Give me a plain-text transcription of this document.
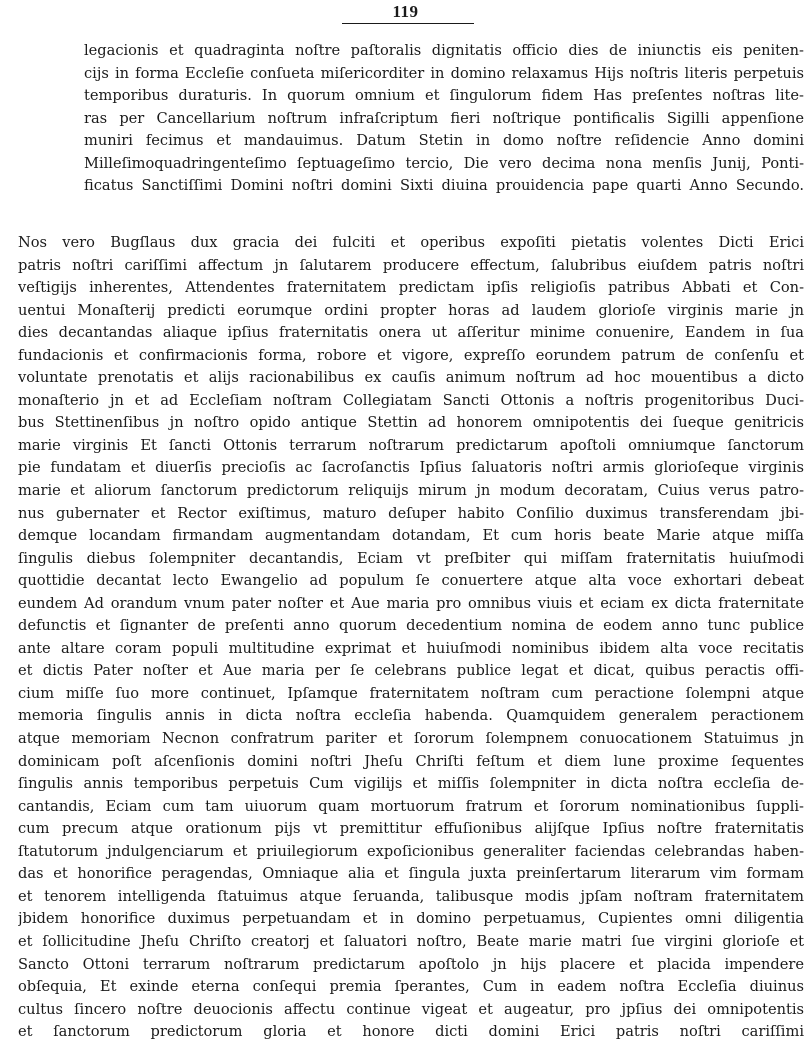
119
legacionis et quadraginta noſtre paſtoralis dignitatis officio dies de iniunctis eis peniten-
cijs in forma Eccleſie conſueta miſericorditer in domino relaxamus Hijs noſtris literis perpetuis
temporibus duraturis. In quorum omnium et ſingulorum fidem Has preſentes noſtras lite-
ras per Cancellarium noſtrum infraſcriptum fieri noſtrique pontificalis Sigilli appenſione
muniri fecimus et mandauimus. Datum Stetin in domo noſtre reſidencie Anno domini
Milleſimoquadringenteſimo ſeptuageſimo tercio, Die vero decima nona menſis Junij, Ponti-
ficatus Sanctiſſimi Domini noſtri domini Sixti diuina prouidencia pape quarti Anno Secundo.
Nos vero Bugſlaus dux gracia dei fulciti et operibus expoſiti pietatis volentes Dicti Erici
patris noſtri cariſſimi affectum jn ſalutarem producere effectum, ſalubribus eiuſdem patris noſtri
veſtigijs inherentes, Attendentes fraternitatem predictam ipſis religioſis patribus Abbati et Con-
uentui Monaſterij predicti eorumque ordini propter horas ad laudem glorioſe virginis marie jn
dies decantandas aliaque ipſius fraternitatis onera ut aſſeritur minime conuenire, Eandem in ſua
fundacionis et confirmacionis forma, robore et vigore, expreſſo eorundem patrum de conſenſu et
voluntate prenotatis et alijs racionabilibus ex cauſis animum noſtrum ad hoc mouentibus a dicto
monaſterio jn et ad Eccleſiam noſtram Collegiatam Sancti Ottonis a noſtris progenitoribus Duci-
bus Stettinenſibus jn noſtro opido antique Stettin ad honorem omnipotentis dei ſueque genitricis
marie virginis Et ſancti Ottonis terrarum noſtrarum predictarum apoſtoli omniumque ſanctorum
pie fundatam et diuerſis precioſis ac ſacroſanctis Ipſius ſaluatoris noſtri armis glorioſeque virginis
marie et aliorum ſanctorum predictorum reliquijs mirum jn modum decoratam, Cuius verus patro-
nus gubernater et Rector exiſtimus, maturo deſuper habito Conſilio duximus transferendam jbi-
demque locandam firmandam augmentandam dotandam, Et cum horis beate Marie atque miſſa
ſingulis diebus ſolempniter decantandis, Eciam vt preſbiter qui miſſam fraternitatis huiuſmodi
quottidie decantat lecto Ewangelio ad populum ſe conuertere atque alta voce exhortari debeat
eundem Ad orandum vnum pater noſter et Aue maria pro omnibus viuis et eciam ex dicta fraternitate
defunctis et ſignanter de preſenti anno quorum decedentium nomina de eodem anno tunc publice
ante altare coram populi multitudine exprimat et huiuſmodi nominibus ibidem alta voce recitatis
et dictis Pater noſter et Aue maria per ſe celebrans publice legat et dicat, quibus peractis offi-
cium miſſe ſuo more continuet, Ipſamque fraternitatem noſtram cum peractione ſolempni atque
memoria ſingulis annis in dicta noſtra eccleſia habenda. Quamquidem generalem peractionem
atque memoriam Necnon confratrum pariter et ſororum ſolempnem conuocationem Statuimus jn
dominicam poſt aſcenſionis domini noſtri Jheſu Chriſti feſtum et diem lune proxime ſequentes
ſingulis annis temporibus perpetuis Cum vigilijs et miſſis ſolempniter in dicta noſtra eccleſia de-
cantandis, Eciam cum tam uiuorum quam mortuorum fratrum et ſororum nominationibus ſuppli-
cum precum atque orationum pijs vt premittitur effuſionibus alijſque Ipſius noſtre fraternitatis
ſtatutorum jndulgenciarum et priuilegiorum expoſicionibus generaliter faciendas celebrandas haben-
das et honorifice peragendas, Omniaque alia et ſingula juxta preinſertarum literarum vim formam
et tenorem intelligenda ſtatuimus atque ſeruanda, talibusque modis jpſam noſtram fraternitatem
jbidem honorifice duximus perpetuandam et in domino perpetuamus, Cupientes omni diligentia
et ſollicitudine Jheſu Chriſto creatorj et ſaluatori noſtro, Beate marie matri ſue virgini glorioſe et
Sancto Ottoni terrarum noſtrarum predictarum apoſtolo jn hijs placere et placida impendere
obſequia, Et exinde eterna conſequi premia ſperantes, Cum in eadem noſtra Eccleſia diuinus
cultus ſincero noſtre deuocionis affectu continue vigeat et augeatur, pro jpſius dei omnipotentis
et ſanctorum predictorum gloria et honore dicti domini Erici patris noſtri cariſſimi
